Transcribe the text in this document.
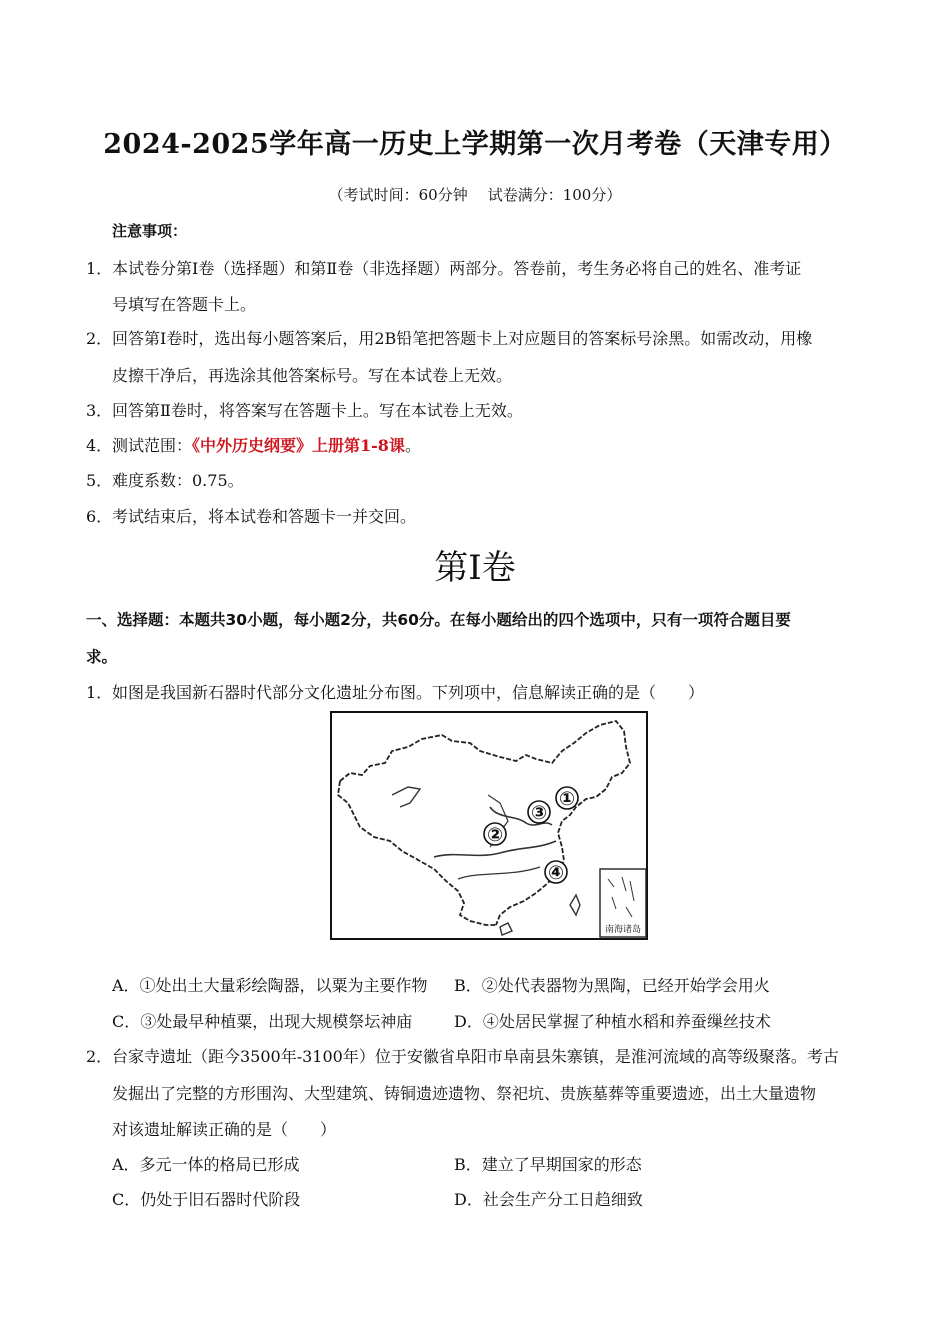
2024-2025学年高一历史上学期第一次月考卷（天津专用）
（考试时间：60分钟 试卷满分：100分）
注意事项：
1．本试卷分第Ⅰ卷（选择题）和第Ⅱ卷（非选择题）两部分。答卷前，考生务必将自己的姓名、准考证
号填写在答题卡上。
2．回答第Ⅰ卷时，选出每小题答案后，用2B铅笔把答题卡上对应题目的答案标号涂黑。如需改动，用橡
皮擦干净后，再选涂其他答案标号。写在本试卷上无效。
3．回答第Ⅱ卷时，将答案写在答题卡上。写在本试卷上无效。
4．测试范围：《中外历史纲要》上册第1-8课。
5．难度系数：0.75。
6．考试结束后，将本试卷和答题卡一并交回。
第Ⅰ卷
一、选择题：本题共30小题，每小题2分，共60分。在每小题给出的四个选项中，只有一项符合题目要
求。
1．如图是我国新石器时代部分文化遗址分布图。下列项中，信息解读正确的是（　　）
南海诸岛
①
②
③
④
A．①处出土大量彩绘陶器，以粟为主要作物 B．②处代表器物为黑陶，已经开始学会用火
C．③处最早种植粟，出现大规模祭坛神庙	D．④处居民掌握了种植水稻和养蚕缫丝技术
2．台家寺遗址（距今3500年-3100年）位于安徽省阜阳市阜南县朱寨镇，是淮河流域的高等级聚落。考古
发掘出了完整的方形围沟、大型建筑、铸铜遗迹遗物、祭祀坑、贵族墓葬等重要遗迹，出土大量遗物
对该遗址解读正确的是（　　）
A．多元一体的格局已形成	B．建立了早期国家的形态
C．仍处于旧石器时代阶段	D．社会生产分工日趋细致
